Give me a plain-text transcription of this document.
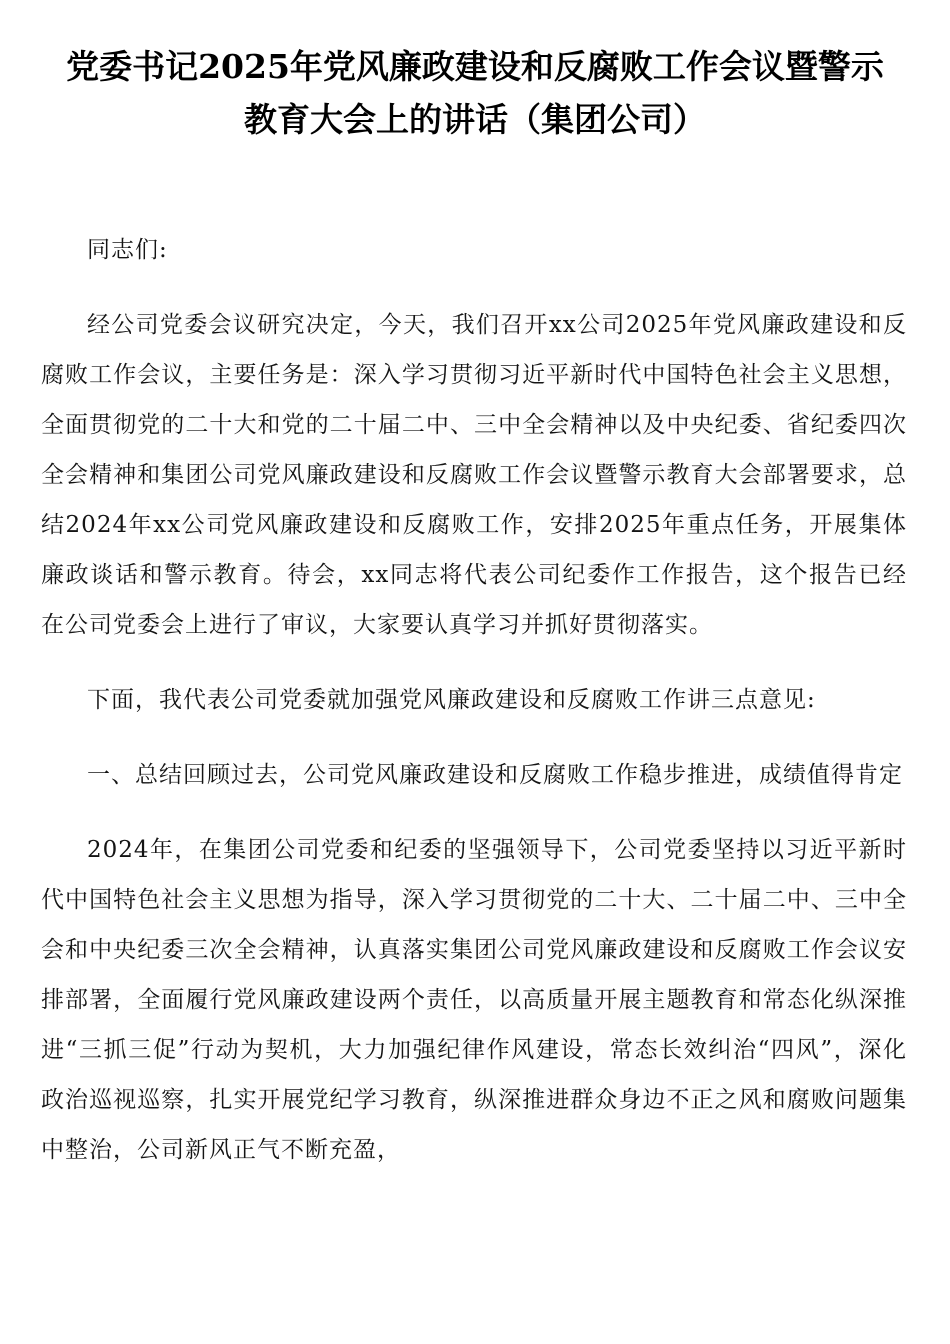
党委书记2025年党风廉政建设和反腐败工作会议暨警示
教育大会上的讲话（集团公司）

同志们:

经公司党委会议研究决定，今天，我们召开xx公司2025年党风廉政建设和反腐败工作会议，主要任务是：深入学习贯彻习近平新时代中国特色社会主义思想，全面贯彻党的二十大和党的二十届二中、三中全会精神以及中央纪委、省纪委四次全会精神和集团公司党风廉政建设和反腐败工作会议暨警示教育大会部署要求，总结2024年xx公司党风廉政建设和反腐败工作，安排2025年重点任务，开展集体廉政谈话和警示教育。待会，xx同志将代表公司纪委作工作报告，这个报告已经在公司党委会上进行了审议，大家要认真学习并抓好贯彻落实。

下面，我代表公司党委就加强党风廉政建设和反腐败工作讲三点意见:

一、总结回顾过去，公司党风廉政建设和反腐败工作稳步推进，成绩值得肯定

2024年，在集团公司党委和纪委的坚强领导下，公司党委坚持以习近平新时代中国特色社会主义思想为指导，深入学习贯彻党的二十大、二十届二中、三中全会和中央纪委三次全会精神，认真落实集团公司党风廉政建设和反腐败工作会议安排部署，全面履行党风廉政建设两个责任，以高质量开展主题教育和常态化纵深推进“三抓三促”行动为契机，大力加强纪律作风建设，常态长效纠治“四风”，深化政治巡视巡察，扎实开展党纪学习教育，纵深推进群众身边不正之风和腐败问题集中整治，公司新风正气不断充盈，
